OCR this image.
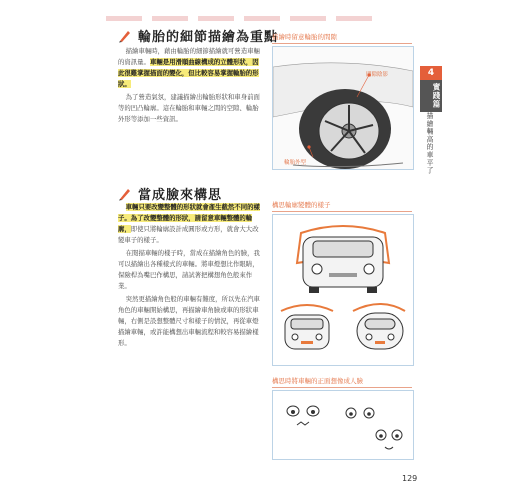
輪胎的細節描繪為重點

描繪車輛時，藉由輪胎的細節描繪就可營造車輛的資訊量。車輛是用滑順曲線構成的立體形狀，因此很難掌握描面的變化，但比較容易掌握輪胎的形狀。

為了營造氣氛，建議描繪出輪胎形狀和車身前面等的凹凸輪廓。這在輪胎和車輛之間的空隙、輪胎外形等添加一些資訊。

描繪時留意輪胎的間隙
間隙陰影
輪胎外型
當成臉來構思

車輛只要改變整體的形狀就會產生截然不同的樣子。為了改變整體的形狀，請留意車輛整體的輪廓，即使只將輪廓設計成圓形或方形，就會大大改變車子的樣子。

在閱描車輛的樣子時，當成在描繪角色的臉，我可以描繪出各種樣式的車輛。將車燈想比作眼睛，保險桿為嘴巴作構思，請試著把構想角色般來作業。

突然更描繪角色般的車輛有難度，所以先在汽車角色的車輛開始構思，再描繪車角臉或車的形狀車輛，右側是設想整體尺寸和樣子的情況，再從車燈描繪車輛，或許能構想出車輛流程和較容易描繪樣形。

構思輪廓變體的樣子
構思時將車輛的正面想像成人臉
4
實踐篇
描繪輛高的車平了
129
